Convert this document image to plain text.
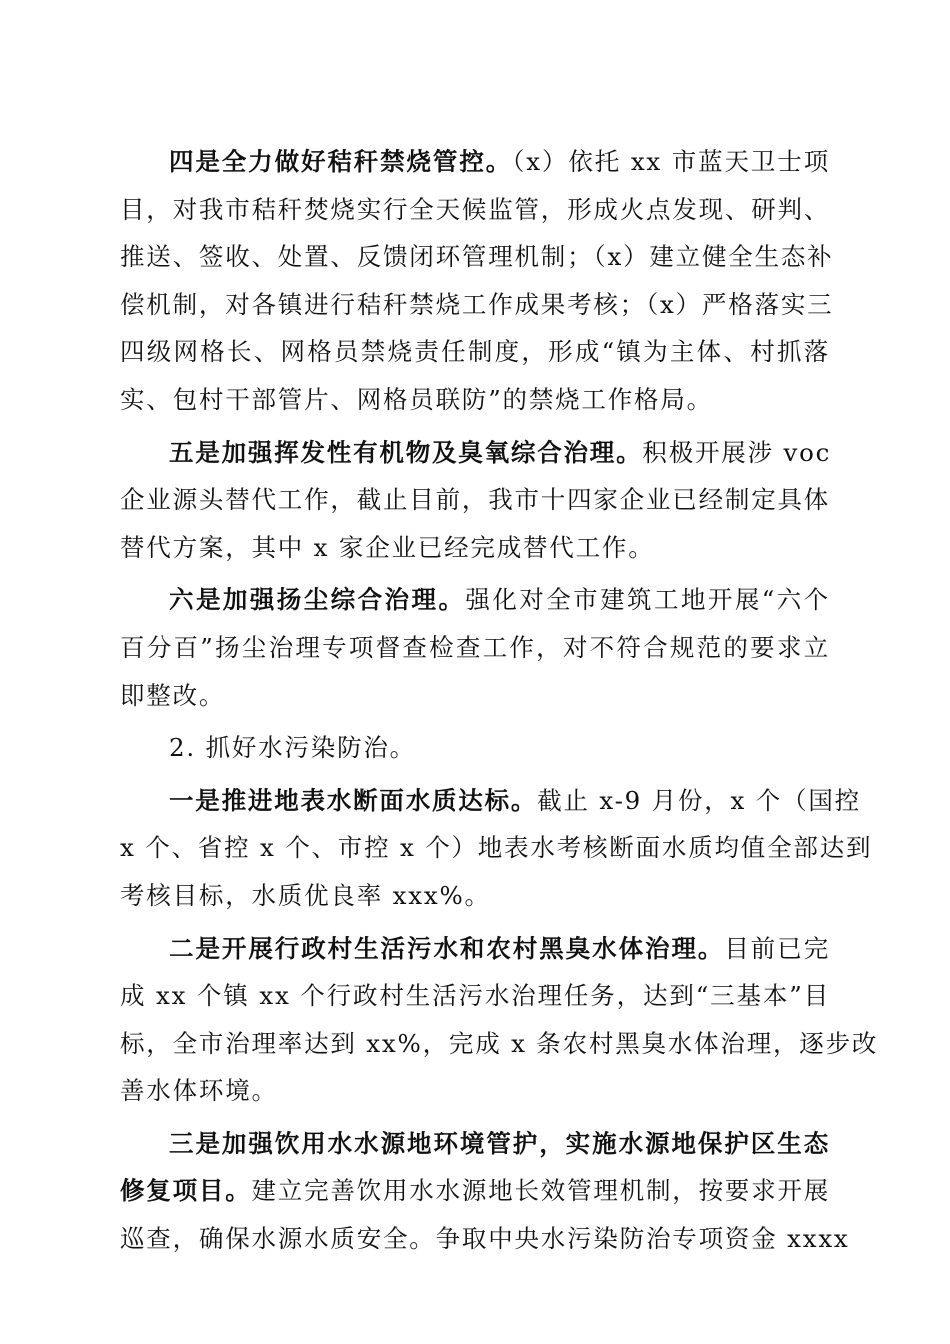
四是全力做好秸秆禁烧管控。（x）依托 xx 市蓝天卫士项
目，对我市秸秆焚烧实行全天候监管，形成火点发现、研判、
推送、签收、处置、反馈闭环管理机制；（x）建立健全生态补
偿机制，对各镇进行秸秆禁烧工作成果考核；（x）严格落实三
四级网格长、网格员禁烧责任制度，形成“镇为主体、村抓落
实、包村干部管片、网格员联防”的禁烧工作格局。

五是加强挥发性有机物及臭氧综合治理。积极开展涉 voc
企业源头替代工作，截止目前，我市十四家企业已经制定具体
替代方案，其中 x 家企业已经完成替代工作。

六是加强扬尘综合治理。强化对全市建筑工地开展“六个
百分百”扬尘治理专项督查检查工作，对不符合规范的要求立
即整改。

2. 抓好水污染防治。

一是推进地表水断面水质达标。截止 x-9 月份，x 个（国控
x 个、省控 x 个、市控 x 个）地表水考核断面水质均值全部达到
考核目标，水质优良率 xxx%。

二是开展行政村生活污水和农村黑臭水体治理。目前已完
成 xx 个镇 xx 个行政村生活污水治理任务，达到“三基本”目
标，全市治理率达到 xx%，完成 x 条农村黑臭水体治理，逐步改
善水体环境。

三是加强饮用水水源地环境管护，实施水源地保护区生态
修复项目。建立完善饮用水水源地长效管理机制，按要求开展
巡查，确保水源水质安全。争取中央水污染防治专项资金 xxxx
